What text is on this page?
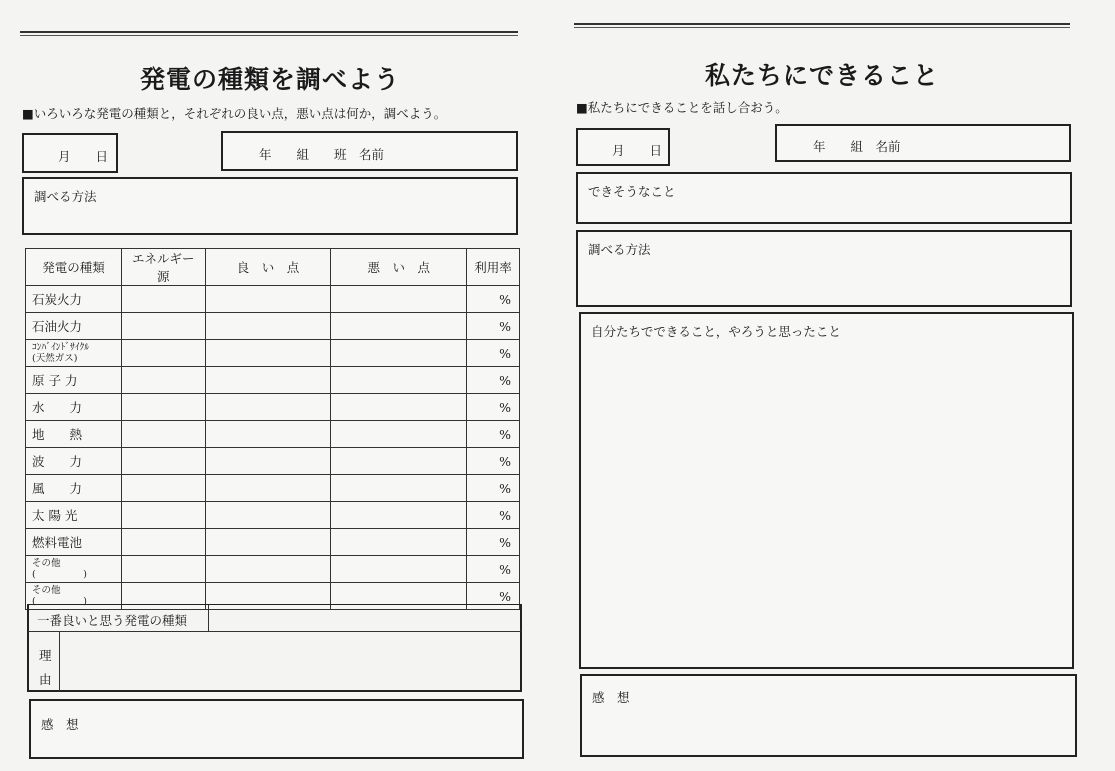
発電の種類を調べよう
■いろいろな発電の種類と，それぞれの良い点，悪い点は何か，調べよう。
月　　日	年　　組　　班　名前
調べる方法
発電の種類	エネルギー源	良　い　点	悪　い　点	利用率
石炭火力				%
石油火力				%
ｺﾝﾊﾞｲﾝﾄﾞｻｲｸﾙ
(天然ガス)				%
原 子 力				%
水　　力				%
地　　熱				%
波　　力				%
風　　力				%
太 陽 光				%
燃料電池				%
その他
(　　　　　)				%
その他
(　　　　　)				%
一番良いと思う発電の種類
理
由
感　想
私たちにできること
■私たちにできることを話し合おう。
月　　日	年　　組　名前
できそうなこと
調べる方法
自分たちでできること，やろうと思ったこと
感　想
